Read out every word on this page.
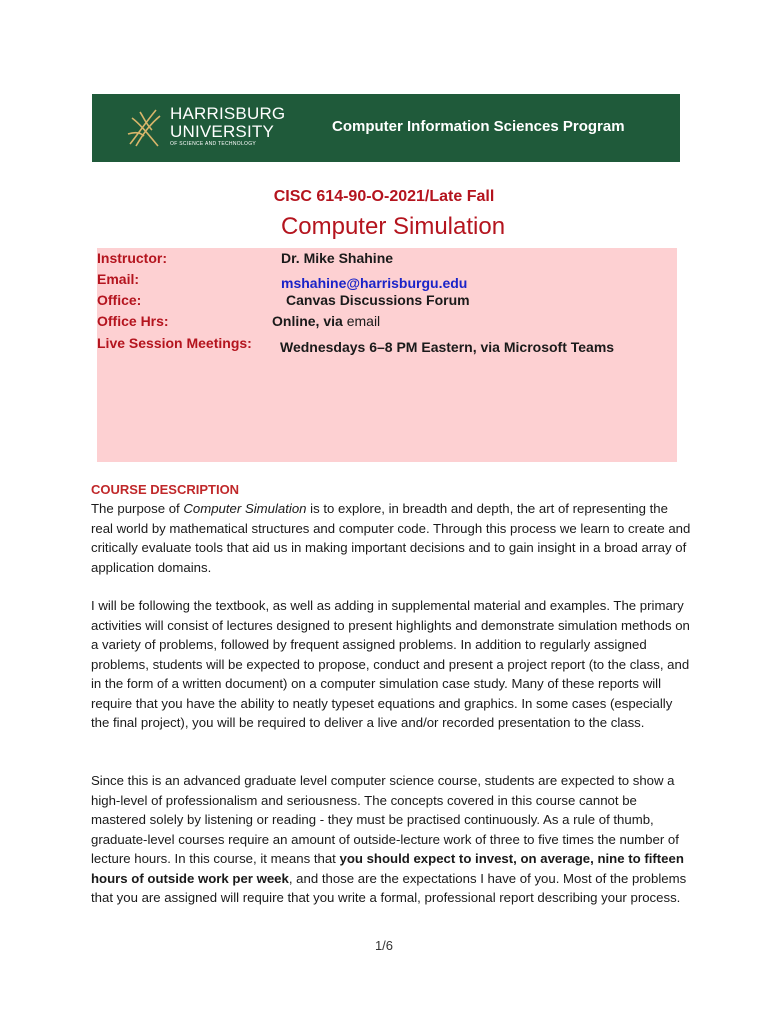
HARRISBURG
UNIVERSITY
OF SCIENCE AND TECHNOLOGY
Computer Information Sciences Program
CISC 614-90-O-2021/Late Fall
Computer Simulation
Instructor:	Dr. Mike Shahine
Email:	mshahine@harrisburgu.edu
Office:	Canvas Discussions Forum
Office Hrs:	Online, via email
Live Session Meetings: Wednesdays 6–8 PM Eastern, via Microsoft Teams
COURSE DESCRIPTION

The purpose of Computer Simulation is to explore, in breadth and depth, the art of representing the real world by mathematical structures and computer code. Through this process we learn to create and critically evaluate tools that aid us in making important decisions and to gain insight in a broad array of application domains.

I will be following the textbook, as well as adding in supplemental material and examples. The primary activities will consist of lectures designed to present highlights and demonstrate simulation methods on a variety of problems, followed by frequent assigned problems. In addition to regularly assigned problems, students will be expected to propose, conduct and present a project report (to the class, and in the form of a written document) on a computer simulation case study. Many of these reports will require that you have the ability to neatly typeset equations and graphics. In some cases (especially the final project), you will be required to deliver a live and/or recorded presentation to the class.

Since this is an advanced graduate level computer science course, students are expected to show a high-level of professionalism and seriousness. The concepts covered in this course cannot be mastered solely by listening or reading - they must be practised continuously. As a rule of thumb, graduate-level courses require an amount of outside-lecture work of three to five times the number of lecture hours. In this course, it means that you should expect to invest, on average, nine to fifteen hours of outside work per week, and those are the expectations I have of you. Most of the problems that you are assigned will require that you write a formal, professional report describing your process.

1/6
